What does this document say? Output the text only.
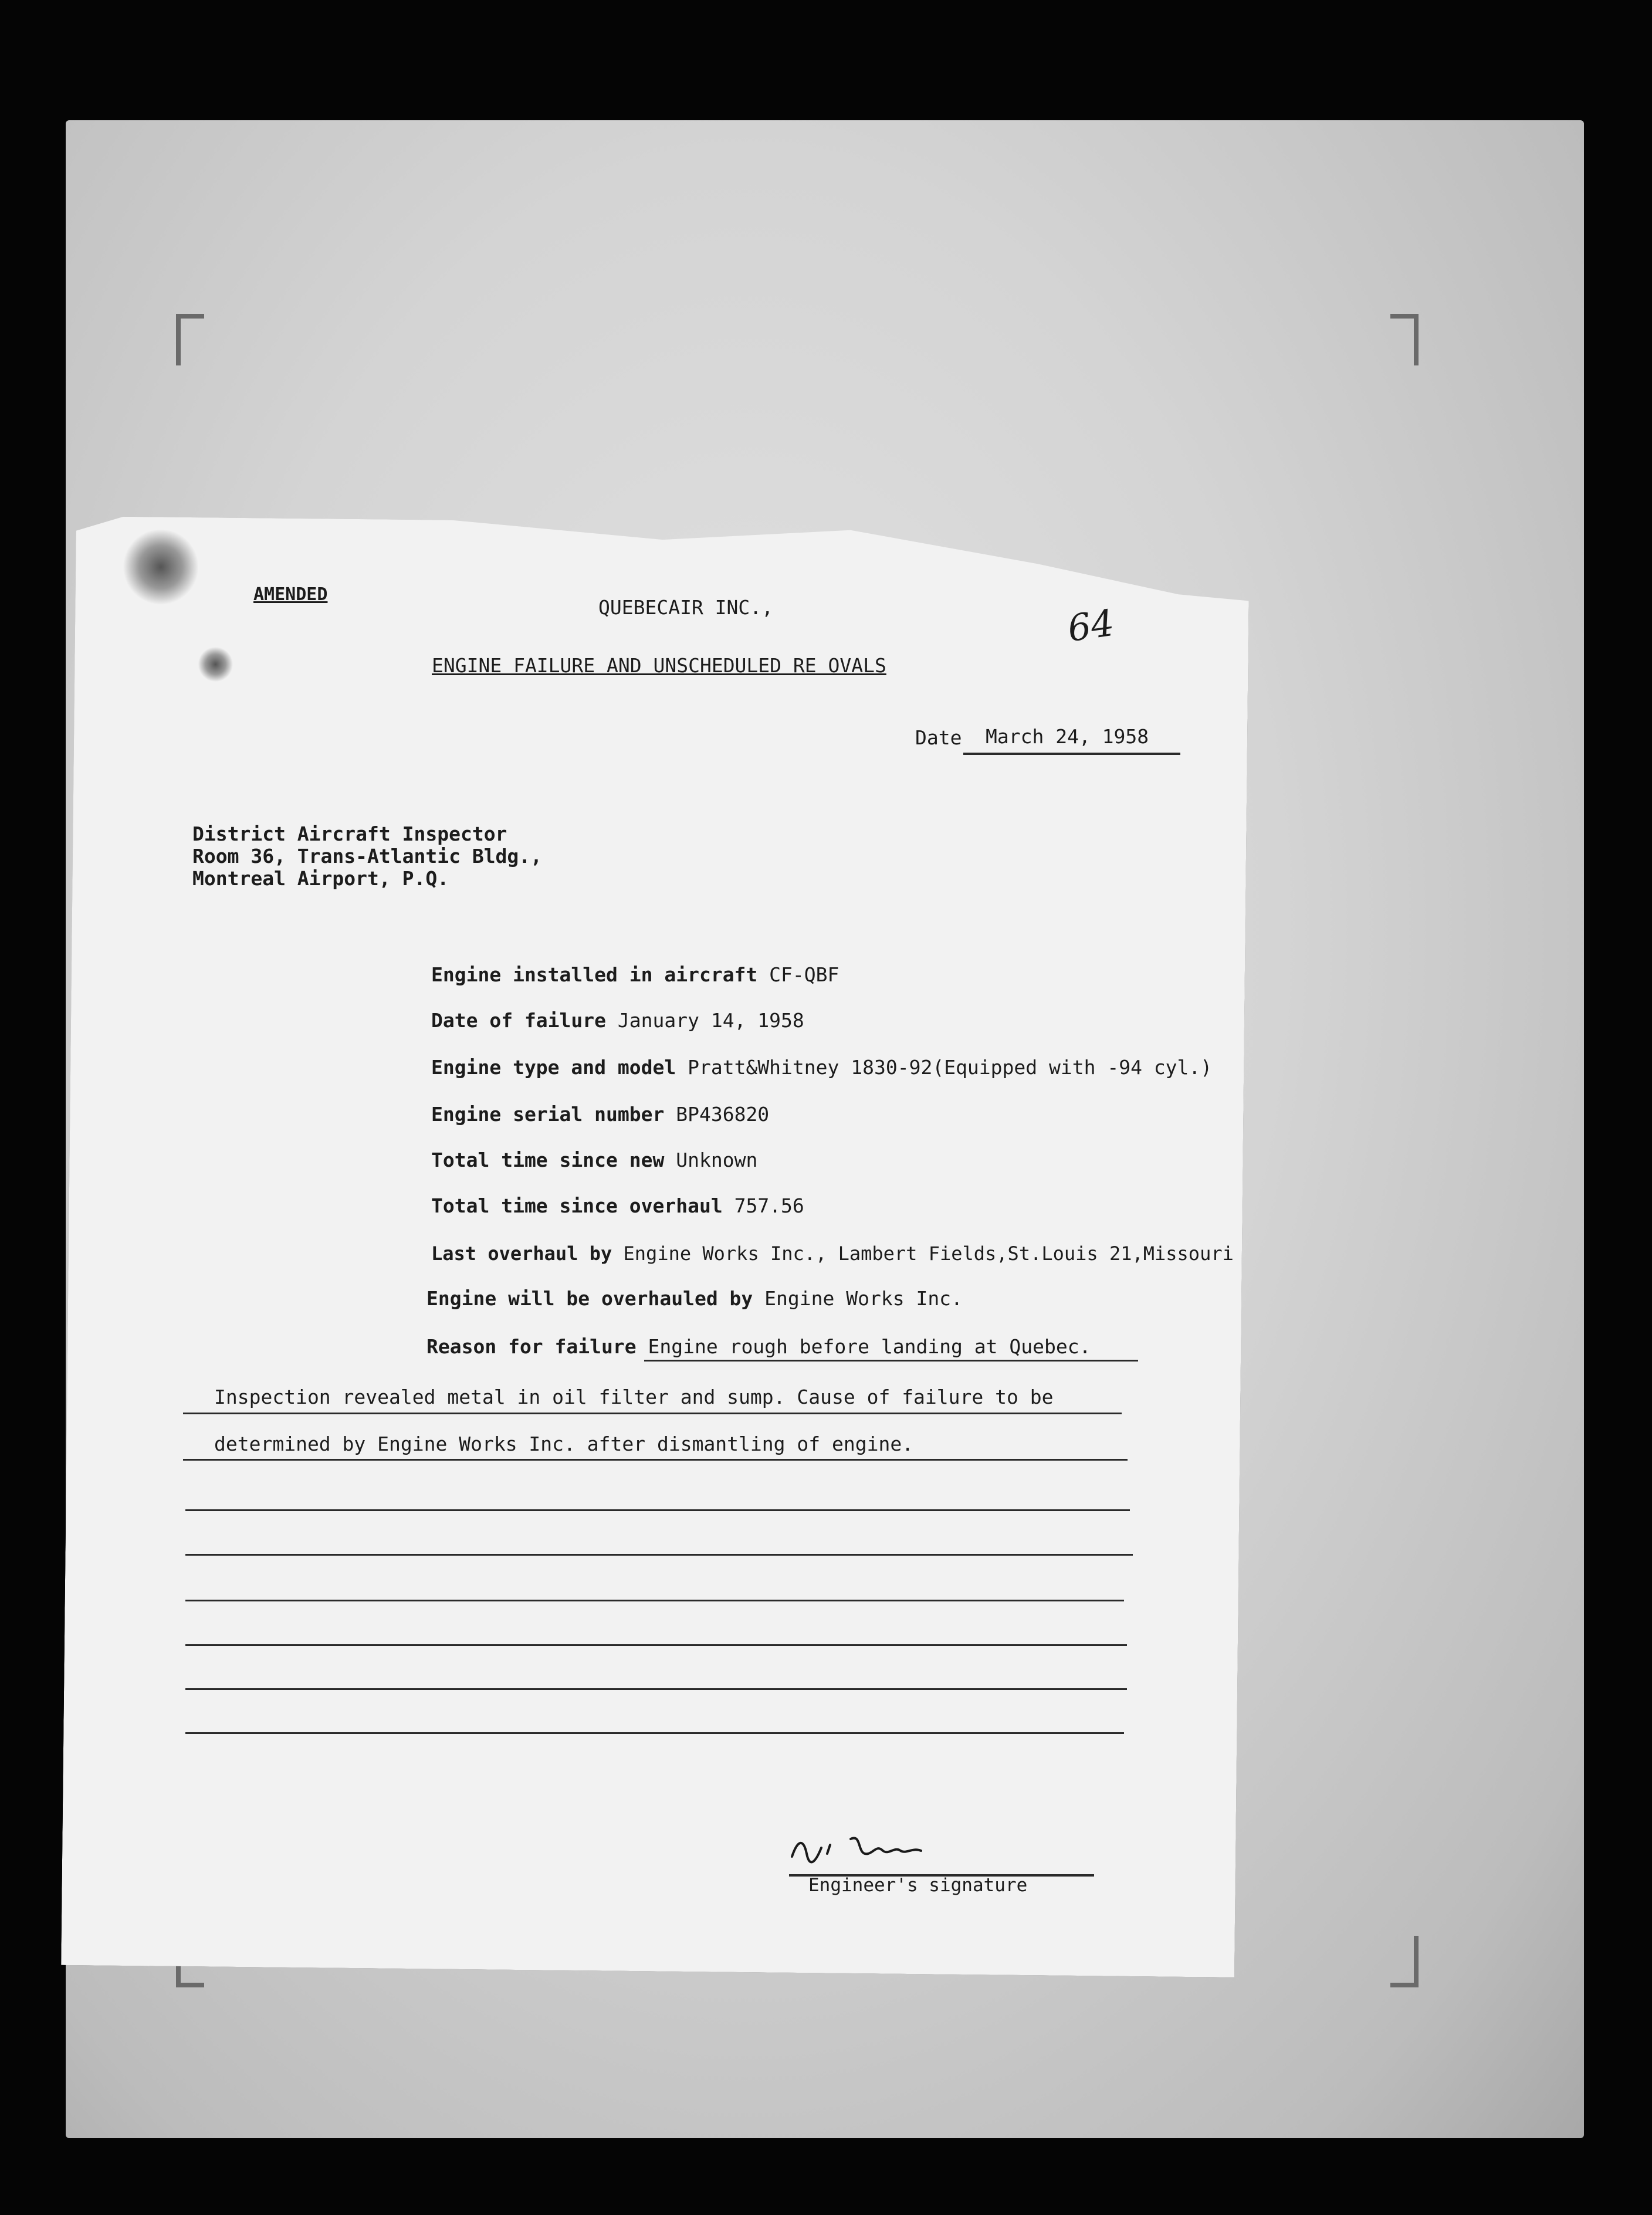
AMENDED
QUEBECAIR INC.,	64
ENGINE FAILURE AND UNSCHEDULED RE OVALS
Date March 24, 1958
District Aircraft Inspector
Room 36, Trans-Atlantic Bldg.,
Montreal Airport, P.Q.
Engine installed in aircraft CF-QBF
Date of failure January 14, 1958
Engine type and model Pratt&Whitney 1830-92(Equipped with -94 cyl.)
Engine serial number BP436820
Total time since new Unknown
Total time since overhaul 757.56
Last overhaul by Engine Works Inc., Lambert Fields,St.Louis 21,Missouri
Engine will be overhauled by Engine Works Inc.
Reason for failure Engine rough before landing at Quebec.
Inspection revealed metal in oil filter and sump. Cause of failure to be
determined by Engine Works Inc. after dismantling of engine.
Engineer's signature
